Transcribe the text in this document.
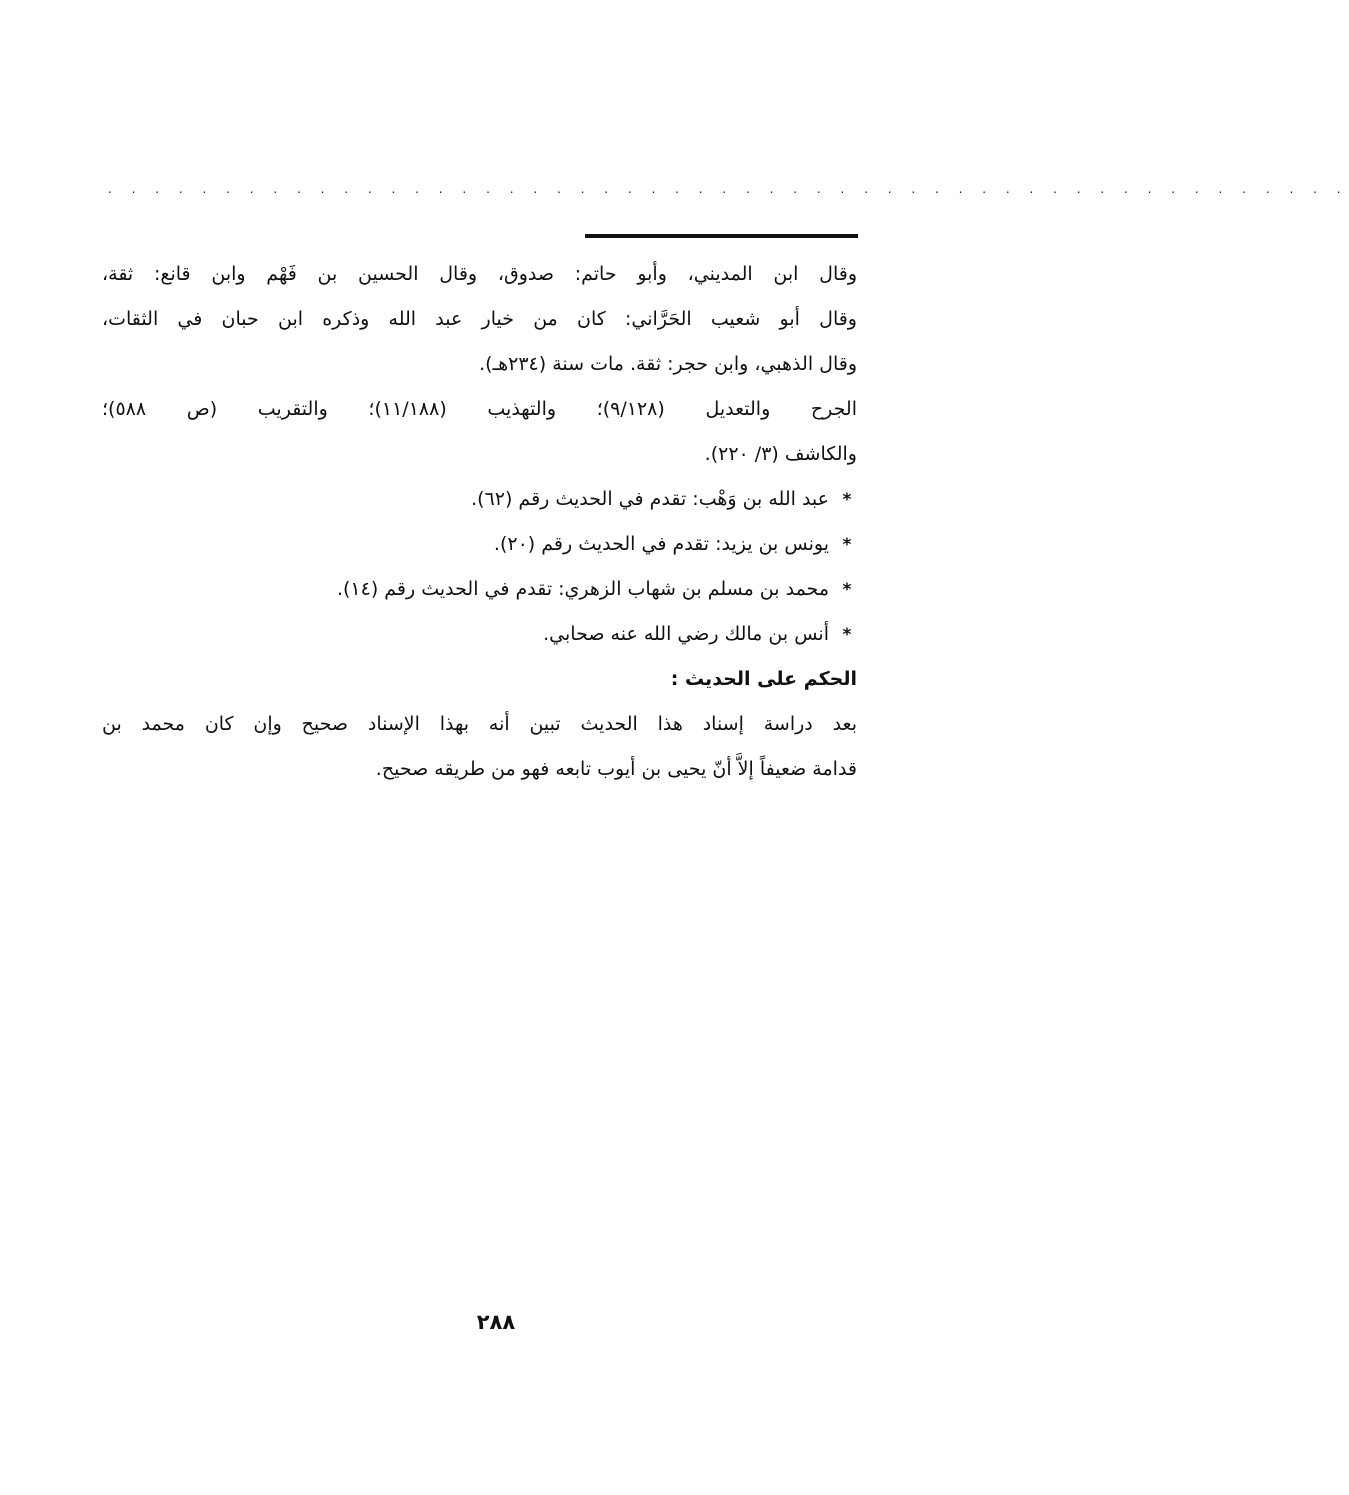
. . . . . . . . . . . . . . . . . . . . . . . . . . . . . . . . . . . . . . . . . . . . . . . . . . . . .
وقال ابن المديني، وأبو حاتم: صدوق، وقال الحسين بن فَهْم وابن قانع: ثقة،
وقال أبو شعيب الحَرَّاني: كان من خيار عبد الله وذكره ابن حبان في الثقات،
وقال الذهبي، وابن حجر: ثقة. مات سنة (٢٣٤هـ).
الجرح والتعديل (٩/١٢٨)؛ والتهذيب (١١/١٨٨)؛ والتقريب (ص ٥٨٨)؛
والكاشف (٣/ ٢٢٠).
*عبد الله بن وَهْب: تقدم في الحديث رقم (٦٢).
*يونس بن يزيد: تقدم في الحديث رقم (٢٠).
*محمد بن مسلم بن شهاب الزهري: تقدم في الحديث رقم (١٤).
*أنس بن مالك رضي الله عنه صحابي.
الحكم على الحديث :
بعد دراسة إسناد هذا الحديث تبين أنه بهذا الإسناد صحيح وإن كان محمد بن
قدامة ضعيفاً إلاَّ أنّ يحيى بن أيوب تابعه فهو من طريقه صحيح.
٢٨٨
